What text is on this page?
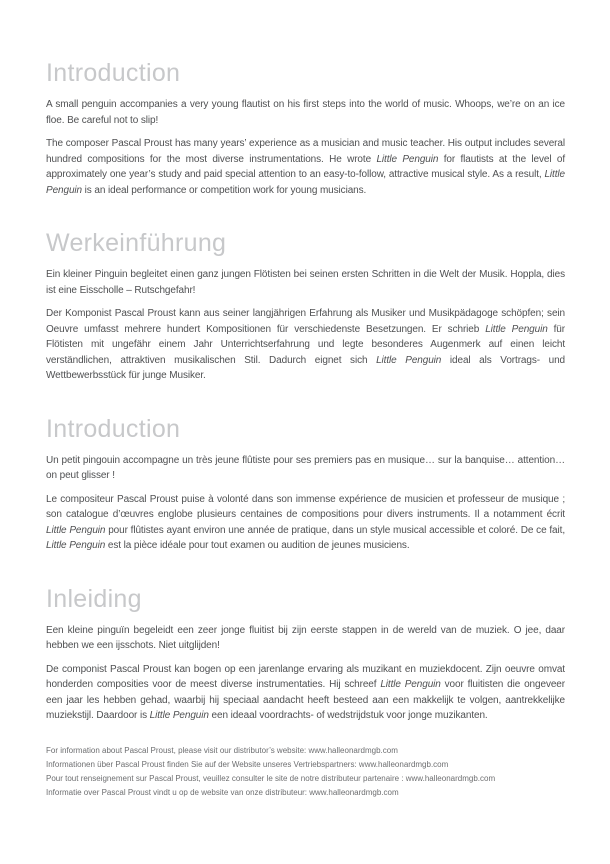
Introduction

A small penguin accompanies a very young flautist on his first steps into the world of music. Whoops, we’re on an ice floe. Be careful not to slip!

The composer Pascal Proust has many years’ experience as a musician and music teacher. His output includes several hundred compositions for the most diverse instrumentations. He wrote Little Penguin for flautists at the level of approximately one year’s study and paid special attention to an easy-to-follow, attractive musical style. As a result, Little Penguin is an ideal performance or competition work for young musicians.

Werkeinführung

Ein kleiner Pinguin begleitet einen ganz jungen Flötisten bei seinen ersten Schritten in die Welt der Musik. Hoppla, dies ist eine Eisscholle – Rutschgefahr!

Der Komponist Pascal Proust kann aus seiner langjährigen Erfahrung als Musiker und Musikpädagoge schöpfen; sein Oeuvre umfasst mehrere hundert Kompositionen für verschiedenste Besetzungen. Er schrieb Little Penguin für Flötisten mit ungefähr einem Jahr Unterrichtserfahrung und legte besonderes Augenmerk auf einen leicht verständlichen, attraktiven musikalischen Stil. Dadurch eignet sich Little Penguin ideal als Vortrags- und Wettbewerbsstück für junge Musiker.

Introduction

Un petit pingouin accompagne un très jeune flûtiste pour ses premiers pas en musique… sur la banquise… attention… on peut glisser !

Le compositeur Pascal Proust puise à volonté dans son immense expérience de musicien et professeur de musique ; son catalogue d’œuvres englobe plusieurs centaines de compositions pour divers instruments. Il a notamment écrit Little Penguin pour flûtistes ayant environ une année de pratique, dans un style musical accessible et coloré. De ce fait, Little Penguin est la pièce idéale pour tout examen ou audition de jeunes musiciens.

Inleiding

Een kleine pinguïn begeleidt een zeer jonge fluitist bij zijn eerste stappen in de wereld van de muziek. O jee, daar hebben we een ijsschots. Niet uitglijden!

De componist Pascal Proust kan bogen op een jarenlange ervaring als muzikant en muziekdocent. Zijn oeuvre omvat honderden composities voor de meest diverse instrumentaties. Hij schreef Little Penguin voor fluitisten die ongeveer een jaar les hebben gehad, waarbij hij speciaal aandacht heeft besteed aan een makkelijk te volgen, aantrekkelijke muziekstijl. Daardoor is Little Penguin een ideaal voordrachts- of wedstrijdstuk voor jonge muzikanten.

For information about Pascal Proust, please visit our distributor’s website: www.halleonardmgb.com

Informationen über Pascal Proust finden Sie auf der Website unseres Vertriebspartners: www.halleonardmgb.com

Pour tout renseignement sur Pascal Proust, veuillez consulter le site de notre distributeur partenaire : www.halleonardmgb.com

Informatie over Pascal Proust vindt u op de website van onze distributeur: www.halleonardmgb.com
